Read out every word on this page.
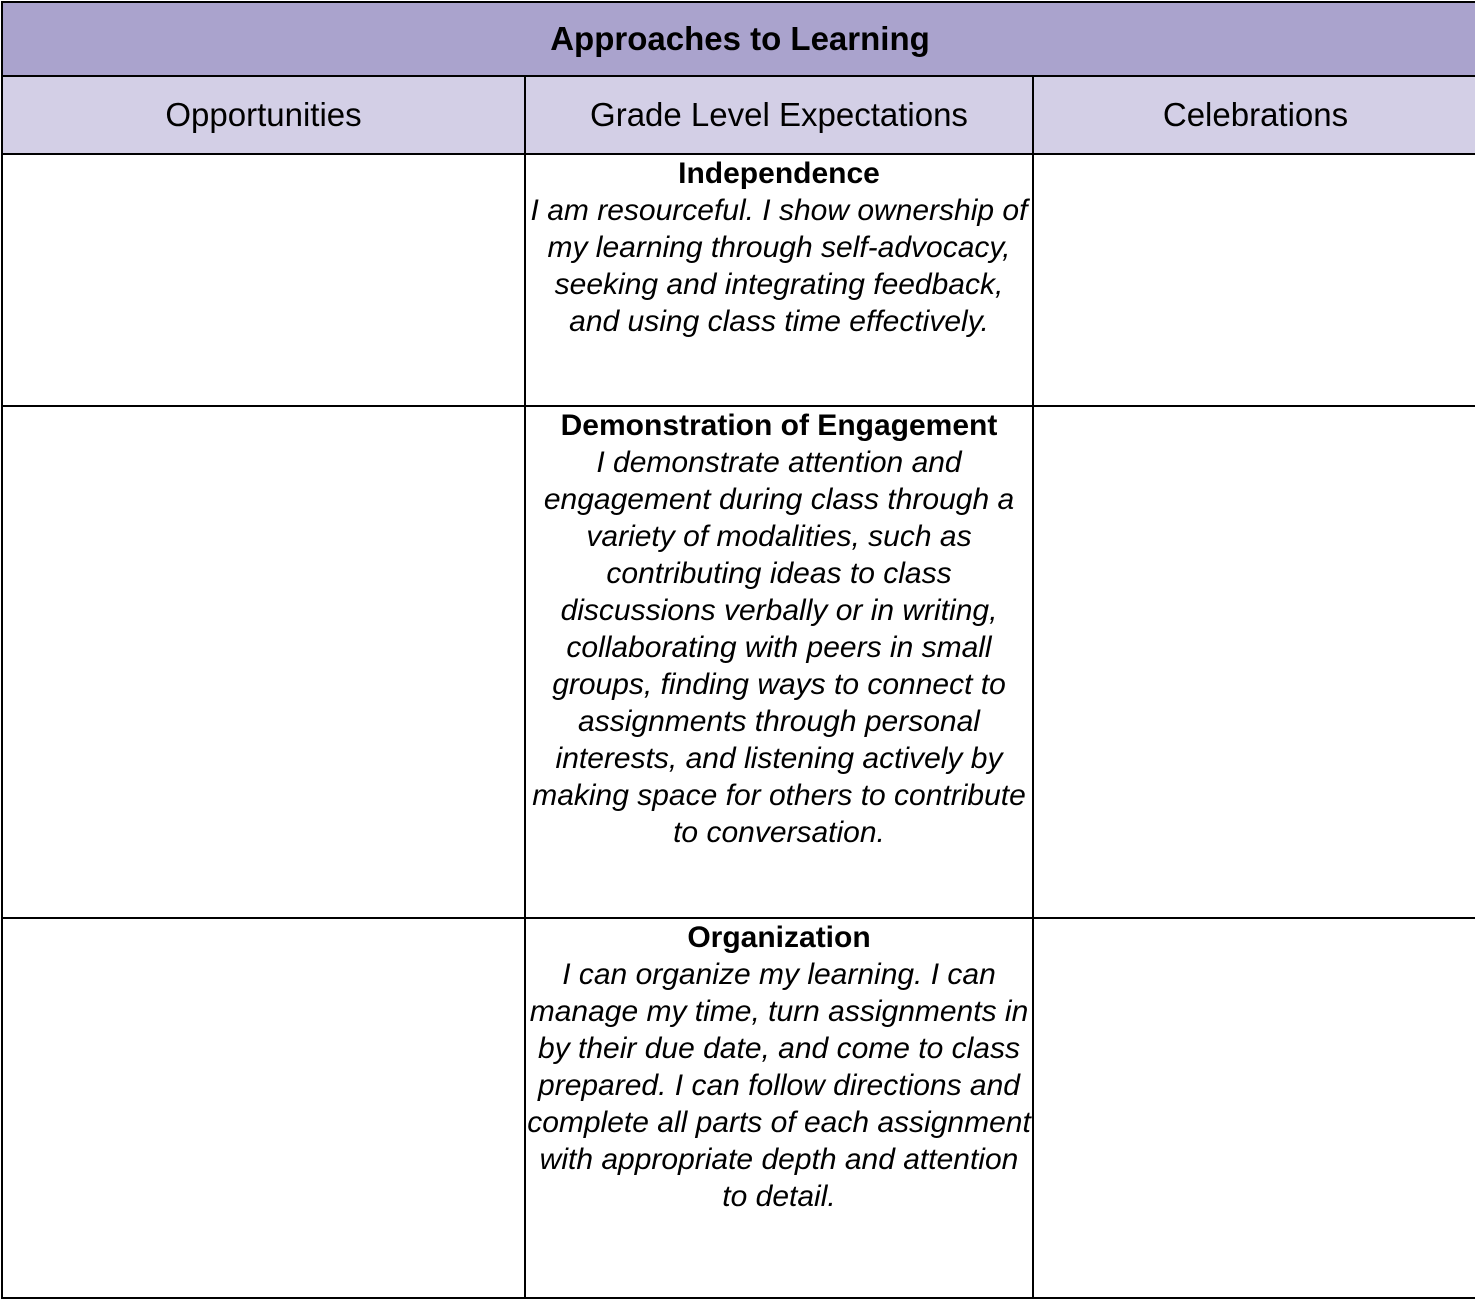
Approaches to Learning		
Opportunities	Grade Level Expectations	Celebrations

	Independence
I am resourceful. I show ownership of my learning through self-advocacy, seeking and integrating feedback, and using class time effectively.	

	Demonstration of Engagement
I demonstrate attention and engagement during class through a variety of modalities, such as contributing ideas to class discussions verbally or in writing, collaborating with peers in small groups, finding ways to connect to assignments through personal interests, and listening actively by making space for others to contribute to conversation.	

	Organization
I can organize my learning. I can manage my time, turn assignments in by their due date, and come to class prepared. I can follow directions and complete all parts of each assignment with appropriate depth and attention to detail.	
